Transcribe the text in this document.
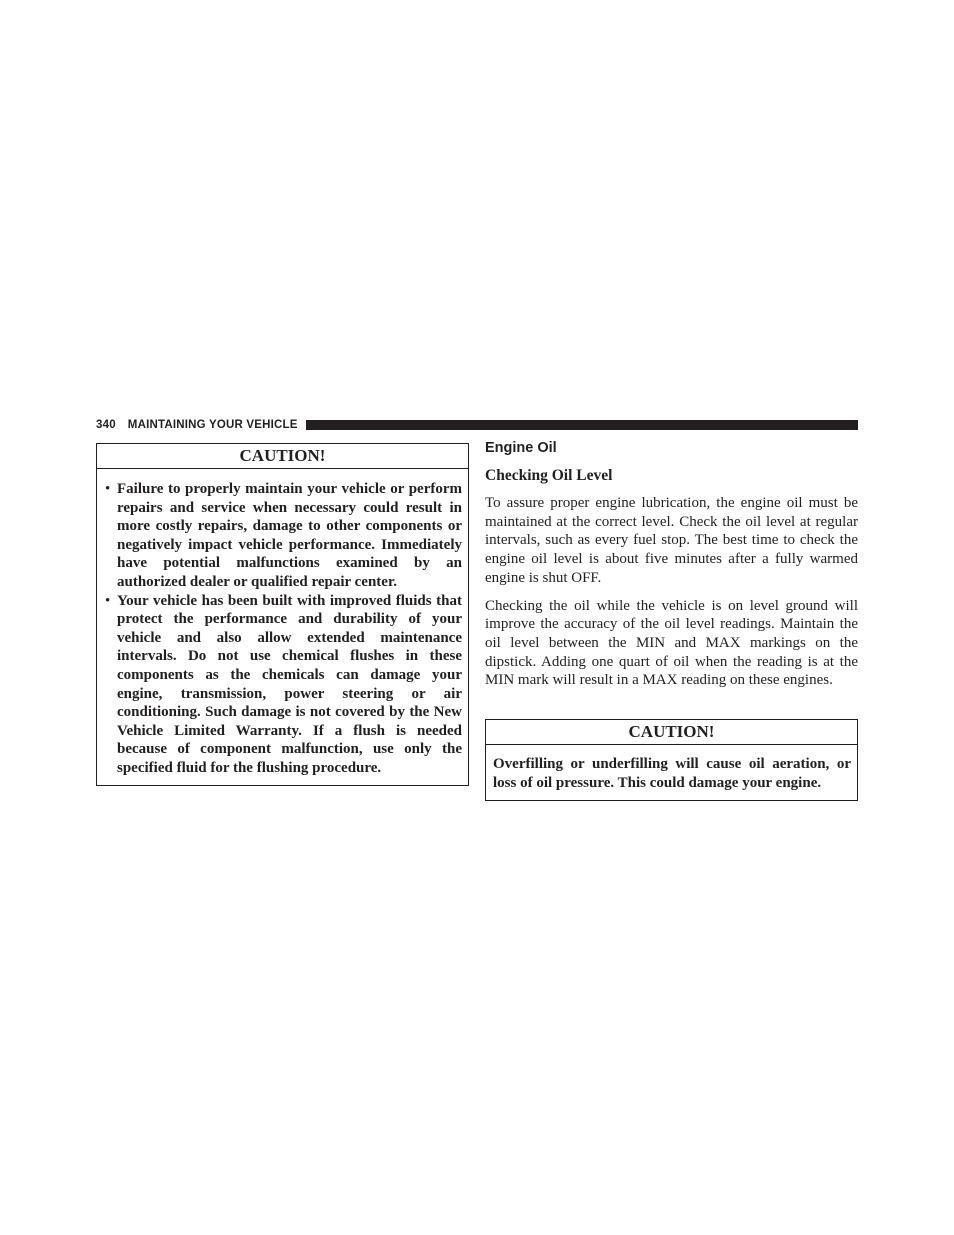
340 MAINTAINING YOUR VEHICLE
CAUTION!
• Failure to properly maintain your vehicle or perform repairs and service when necessary could result in more costly repairs, damage to other components or negatively impact vehicle performance. Immediately have potential malfunctions examined by an authorized dealer or qualified repair center.
• Your vehicle has been built with improved fluids that protect the performance and durability of your vehicle and also allow extended maintenance intervals. Do not use chemical flushes in these components as the chemicals can damage your engine, transmission, power steering or air conditioning. Such damage is not covered by the New Vehicle Limited Warranty. If a flush is needed because of component malfunction, use only the specified fluid for the flushing procedure.
Engine Oil
Checking Oil Level

To assure proper engine lubrication, the engine oil must be maintained at the correct level. Check the oil level at regular intervals, such as every fuel stop. The best time to check the engine oil level is about five minutes after a fully warmed engine is shut OFF.

Checking the oil while the vehicle is on level ground will improve the accuracy of the oil level readings. Maintain the oil level between the MIN and MAX markings on the dipstick. Adding one quart of oil when the reading is at the MIN mark will result in a MAX reading on these engines.

CAUTION!

Overfilling or underfilling will cause oil aeration, or loss of oil pressure. This could damage your engine.
